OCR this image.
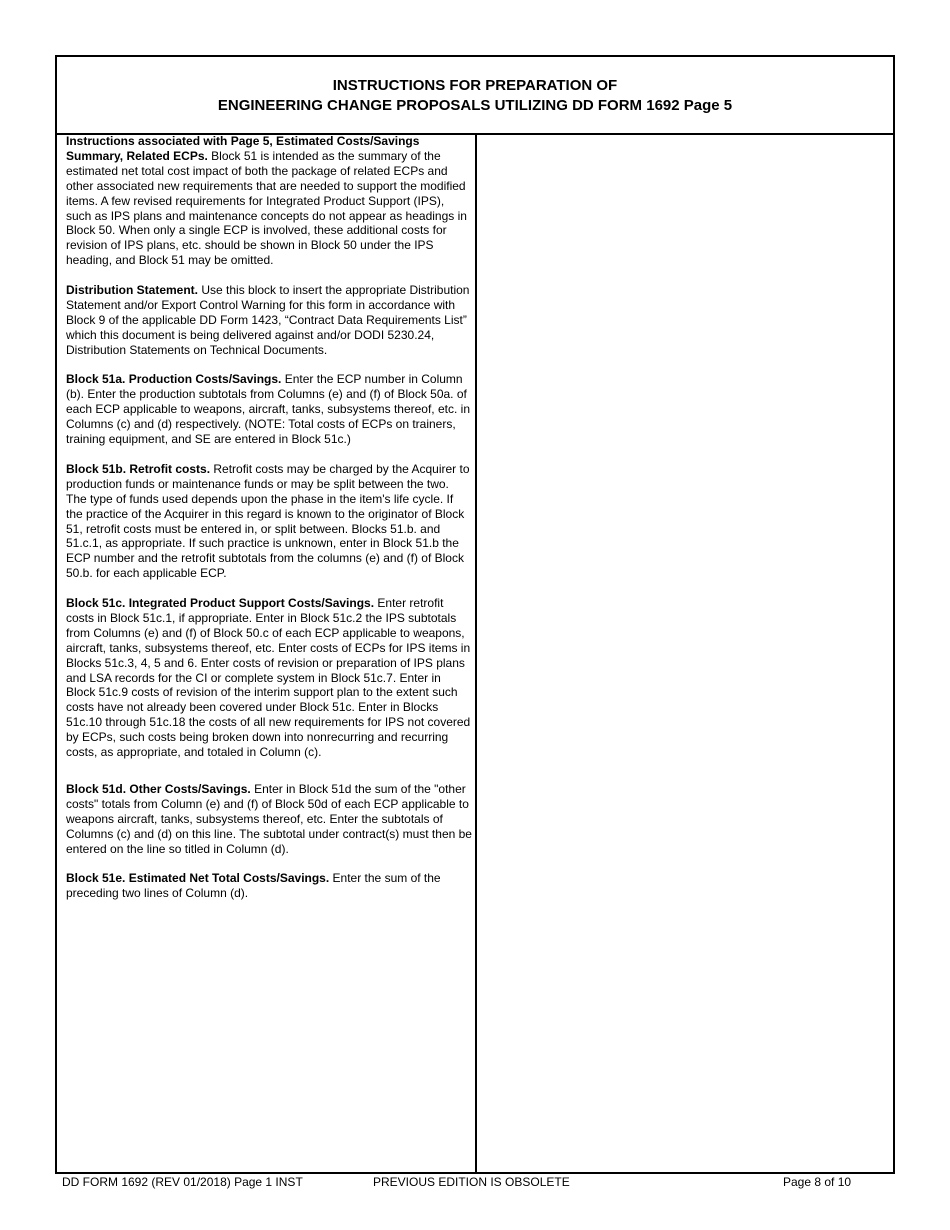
INSTRUCTIONS FOR PREPARATION OF
ENGINEERING CHANGE PROPOSALS UTILIZING DD FORM 1692 Page 5

Instructions associated with Page 5, Estimated Costs/Savings Summary, Related ECPs. Block 51 is intended as the summary of the estimated net total cost impact of both the package of related ECPs and other associated new requirements that are needed to support the modified items. A few revised requirements for Integrated Product Support (IPS), such as IPS plans and maintenance concepts do not appear as headings in Block 50. When only a single ECP is involved, these additional costs for revision of IPS plans, etc. should be shown in Block 50 under the IPS heading, and Block 51 may be omitted.

Distribution Statement. Use this block to insert the appropriate Distribution Statement and/or Export Control Warning for this form in accordance with Block 9 of the applicable DD Form 1423, “Contract Data Requirements List” which this document is being delivered against and/or DODI 5230.24, Distribution Statements on Technical Documents.

Block 51a. Production Costs/Savings. Enter the ECP number in Column (b). Enter the production subtotals from Columns (e) and (f) of Block 50a. of each ECP applicable to weapons, aircraft, tanks, subsystems thereof, etc. in Columns (c) and (d) respectively. (NOTE: Total costs of ECPs on trainers, training equipment, and SE are entered in Block 51c.)

Block 51b. Retrofit costs. Retrofit costs may be charged by the Acquirer to production funds or maintenance funds or may be split between the two. The type of funds used depends upon the phase in the item's life cycle. If the practice of the Acquirer in this regard is known to the originator of Block 51, retrofit costs must be entered in, or split between. Blocks 51.b. and 51.c.1, as appropriate. If such practice is unknown, enter in Block 51.b the ECP number and the retrofit subtotals from the columns (e) and (f) of Block 50.b. for each applicable ECP.

Block 51c. Integrated Product Support Costs/Savings. Enter retrofit costs in Block 51c.1, if appropriate. Enter in Block 51c.2 the IPS subtotals from Columns (e) and (f) of Block 50.c of each ECP applicable to weapons, aircraft, tanks, subsystems thereof, etc. Enter costs of ECPs for IPS items in Blocks 51c.3, 4, 5 and 6. Enter costs of revision or preparation of IPS plans and LSA records for the CI or complete system in Block 51c.7. Enter in Block 51c.9 costs of revision of the interim support plan to the extent such costs have not already been covered under Block 51c. Enter in Blocks 51c.10 through 51c.18 the costs of all new requirements for IPS not covered by ECPs, such costs being broken down into nonrecurring and recurring costs, as appropriate, and totaled in Column (c).

Block 51d. Other Costs/Savings. Enter in Block 51d the sum of the "other costs" totals from Column (e) and (f) of Block 50d of each ECP applicable to weapons aircraft, tanks, subsystems thereof, etc. Enter the subtotals of Columns (c) and (d) on this line. The subtotal under contract(s) must then be entered on the line so titled in Column (d).

Block 51e. Estimated Net Total Costs/Savings. Enter the sum of the preceding two lines of Column (d).

DD FORM 1692 (REV 01/2018) Page 1 INST	PREVIOUS EDITION IS OBSOLETE	Page 8 of 10
